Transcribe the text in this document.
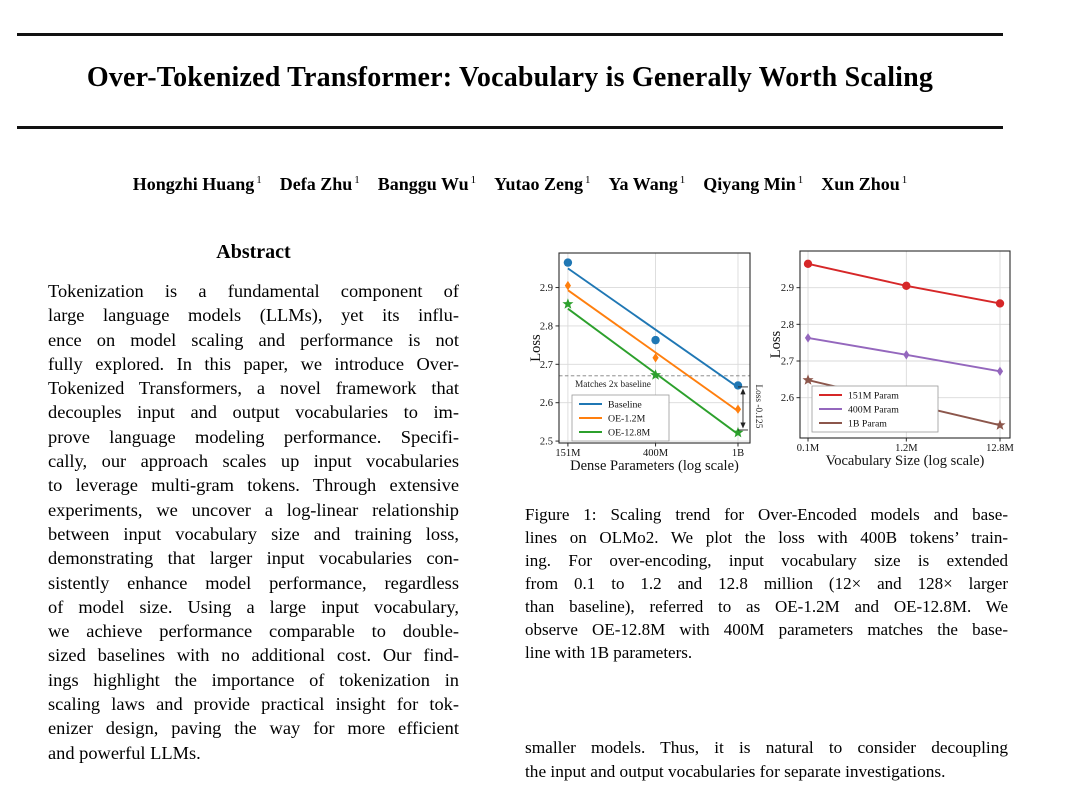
Over-Tokenized Transformer: Vocabulary is Generally Worth Scaling
Hongzhi Huang $^1$ Defa Zhu $^1$ Banggu Wu $^1$ Yutao Zeng $^1$ Ya Wang $^1$ Qiyang Min $^1$ Xun Zhou $^1$
Abstract
Tokenization is a fundamental component of
large language models (LLMs), yet its influ-
ence on model scaling and performance is not
fully explored. In this paper, we introduce Over-
Tokenized Transformers, a novel framework that
decouples input and output vocabularies to im-
prove language modeling performance. Specifi-
cally, our approach scales up input vocabularies
to leverage multi-gram tokens. Through extensive
experiments, we uncover a log-linear relationship
between input vocabulary size and training loss,
demonstrating that larger input vocabularies con-
sistently enhance model performance, regardless
of model size. Using a large input vocabulary,
we achieve performance comparable to double-
sized baselines with no additional cost. Our find-
ings highlight the importance of tokenization in
scaling laws and provide practical insight for tok-
enizer design, paving the way for more efficient
and powerful LLMs.
Matches 2x baseline	Loss -0.125
2.5
2.6
2.7
2.8
2.9
151M	400M	1B
Dense Parameters (log scale)
Loss
Baseline
OE-1.2M
OE-12.8M
2.6
2.7
2.8
2.9
0.1M	1.2M	12.8M
Vocabulary Size (log scale)
Loss
151M Param
400M Param
1B Param
Figure 1: Scaling trend for Over-Encoded models and base-
lines on OLMo2. We plot the loss with 400B tokens’ train-
ing. For over-encoding, input vocabulary size is extended
from 0.1 to 1.2 and 12.8 million (12× and 128× larger
than baseline), referred to as OE-1.2M and OE-12.8M. We
observe OE-12.8M with 400M parameters matches the base-
line with 1B parameters.
smaller models. Thus, it is natural to consider decoupling
the input and output vocabularies for separate investigations.
